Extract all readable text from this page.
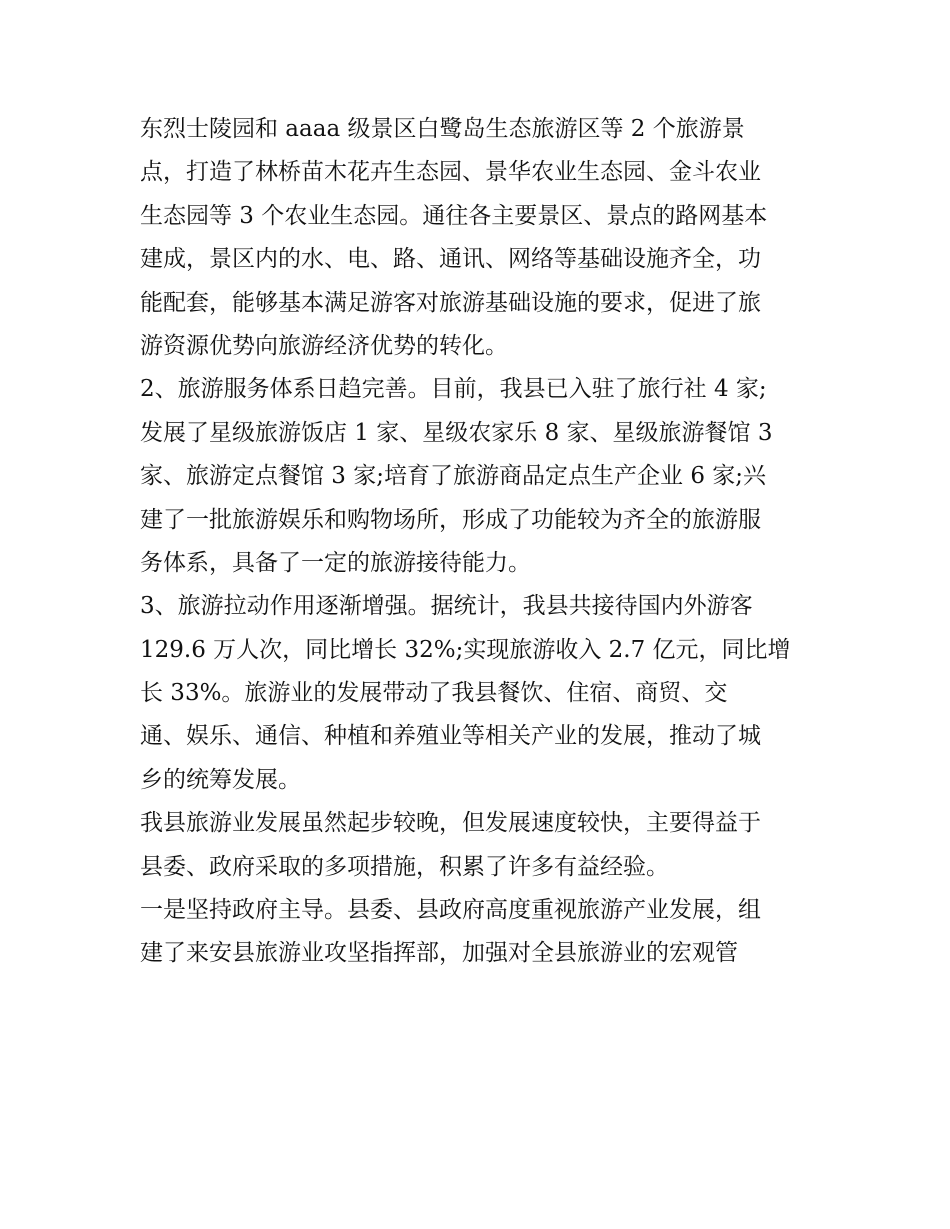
东烈士陵园和 aaaa 级景区白鹭岛生态旅游区等 2 个旅游景
点，打造了林桥苗木花卉生态园、景华农业生态园、金斗农业
生态园等 3 个农业生态园。通往各主要景区、景点的路网基本
建成，景区内的水、电、路、通讯、网络等基础设施齐全，功
能配套，能够基本满足游客对旅游基础设施的要求，促进了旅
游资源优势向旅游经济优势的转化。
2、旅游服务体系日趋完善。目前，我县已入驻了旅行社 4 家;
发展了星级旅游饭店 1 家、星级农家乐 8 家、星级旅游餐馆 3
家、旅游定点餐馆 3 家;培育了旅游商品定点生产企业 6 家;兴
建了一批旅游娱乐和购物场所，形成了功能较为齐全的旅游服
务体系，具备了一定的旅游接待能力。
3、旅游拉动作用逐渐增强。据统计，我县共接待国内外游客
129.6 万人次，同比增长 32%;实现旅游收入 2.7 亿元，同比增
长 33%。旅游业的发展带动了我县餐饮、住宿、商贸、交
通、娱乐、通信、种植和养殖业等相关产业的发展，推动了城
乡的统筹发展。
我县旅游业发展虽然起步较晚，但发展速度较快，主要得益于
县委、政府采取的多项措施，积累了许多有益经验。
一是坚持政府主导。县委、县政府高度重视旅游产业发展，组
建了来安县旅游业攻坚指挥部，加强对全县旅游业的宏观管
